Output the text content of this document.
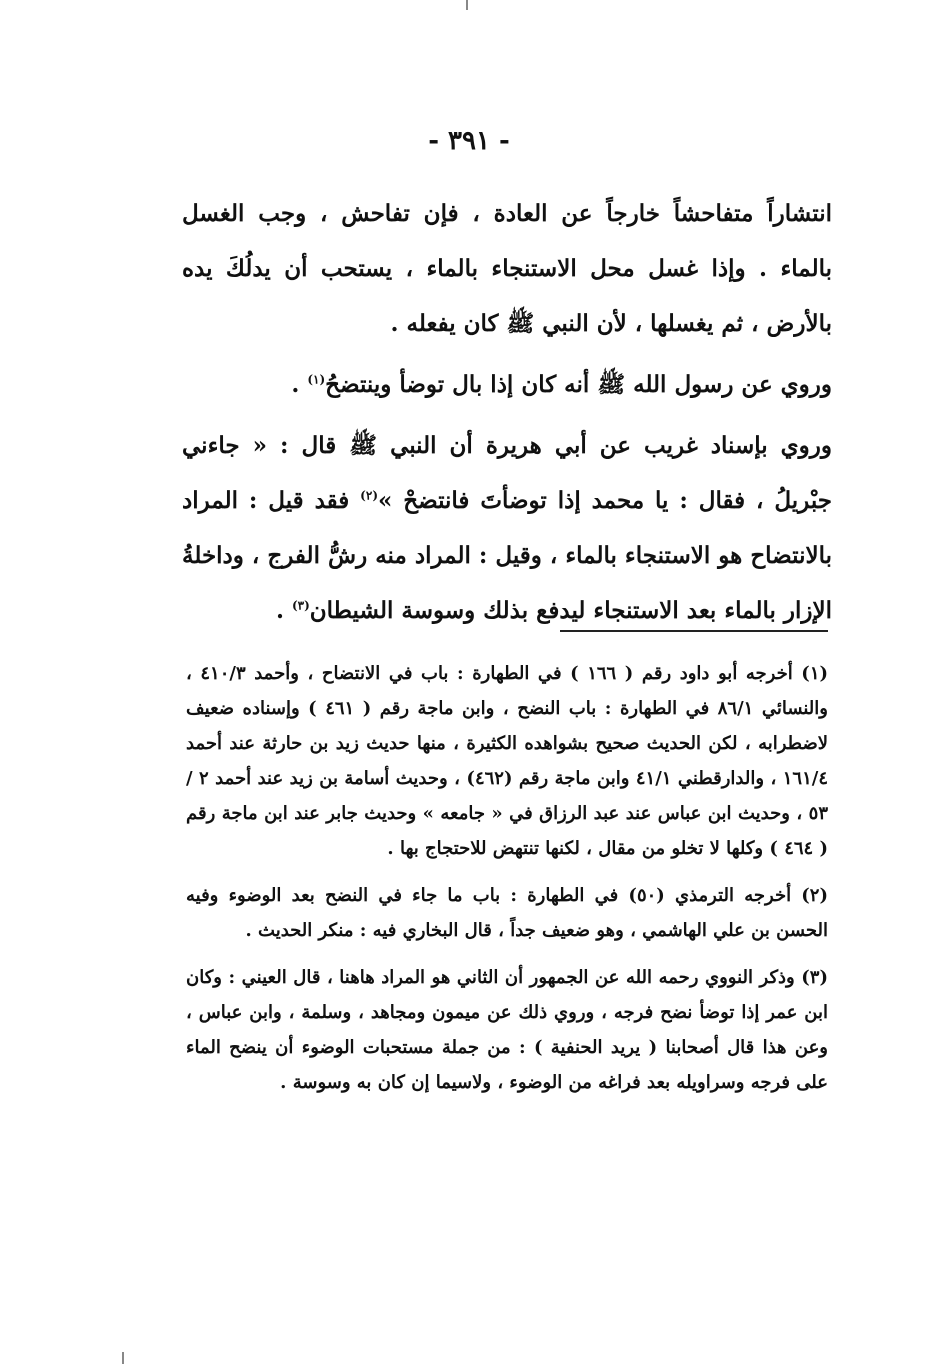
- ٣٩١ -

انتشاراً متفاحشاً خارجاً عن العادة ، فإن تفاحش ، وجب الغسل بالماء . وإذا غسل محل الاستنجاء بالماء ، يستحب أن يدلُكَ يده بالأرض ، ثم يغسلها ، لأن النبي ﷺ كان يفعله .

وروي عن رسول الله ﷺ أنه كان إذا بال توضأ وينتضحُ$^{(١)}$ .

وروي بإسناد غريب عن أبي هريرة أن النبي ﷺ قال : « جاءني جبْريلُ ، فقال : يا محمد إذا توضأتَ فانتضحْ »$^{(٢)}$ فقد قيل : المراد بالانتضاح هو الاستنجاء بالماء ، وقيل : المراد منه رشُّ الفرج ، وداخلةُ الإزار بالماء بعد الاستنجاء ليدفع بذلك وسوسة الشيطان$^{(٣)}$ .

(١) أخرجه أبو داود رقم ( ١٦٦ ) في الطهارة : باب في الانتضاح ، وأحمد ٤١٠/٣ ، والنسائي ٨٦/١ في الطهارة : باب النضح ، وابن ماجة رقم ( ٤٦١ ) وإسناده ضعيف لاضطرابه ، لكن الحديث صحيح بشواهده الكثيرة ، منها حديث زيد بن حارثة عند أحمد ١٦١/٤ ، والدارقطني ٤١/١ وابن ماجة رقم (٤٦٢) ، وحديث أسامة بن زيد عند أحمد ٢ / ٥٣ ، وحديث ابن عباس عند عبد الرزاق في « جامعه » وحديث جابر عند ابن ماجة رقم ( ٤٦٤ ) وكلها لا تخلو من مقال ، لكنها تنتهض للاحتجاج بها .

(٢) أخرجه الترمذي (٥٠) في الطهارة : باب ما جاء في النضح بعد الوضوء وفيه الحسن بن علي الهاشمي ، وهو ضعيف جداً ، قال البخاري فيه : منكر الحديث .

(٣) وذكر النووي رحمه الله عن الجمهور أن الثاني هو المراد هاهنا ، قال العيني : وكان ابن عمر إذا توضأ نضح فرجه ، وروي ذلك عن ميمون ومجاهد ، وسلمة ، وابن عباس ، وعن هذا قال أصحابنا ( يريد الحنفية ) : من جملة مستحبات الوضوء أن ينضح الماء على فرجه وسراويله بعد فراغه من الوضوء ، ولاسيما إن كان به وسوسة .
